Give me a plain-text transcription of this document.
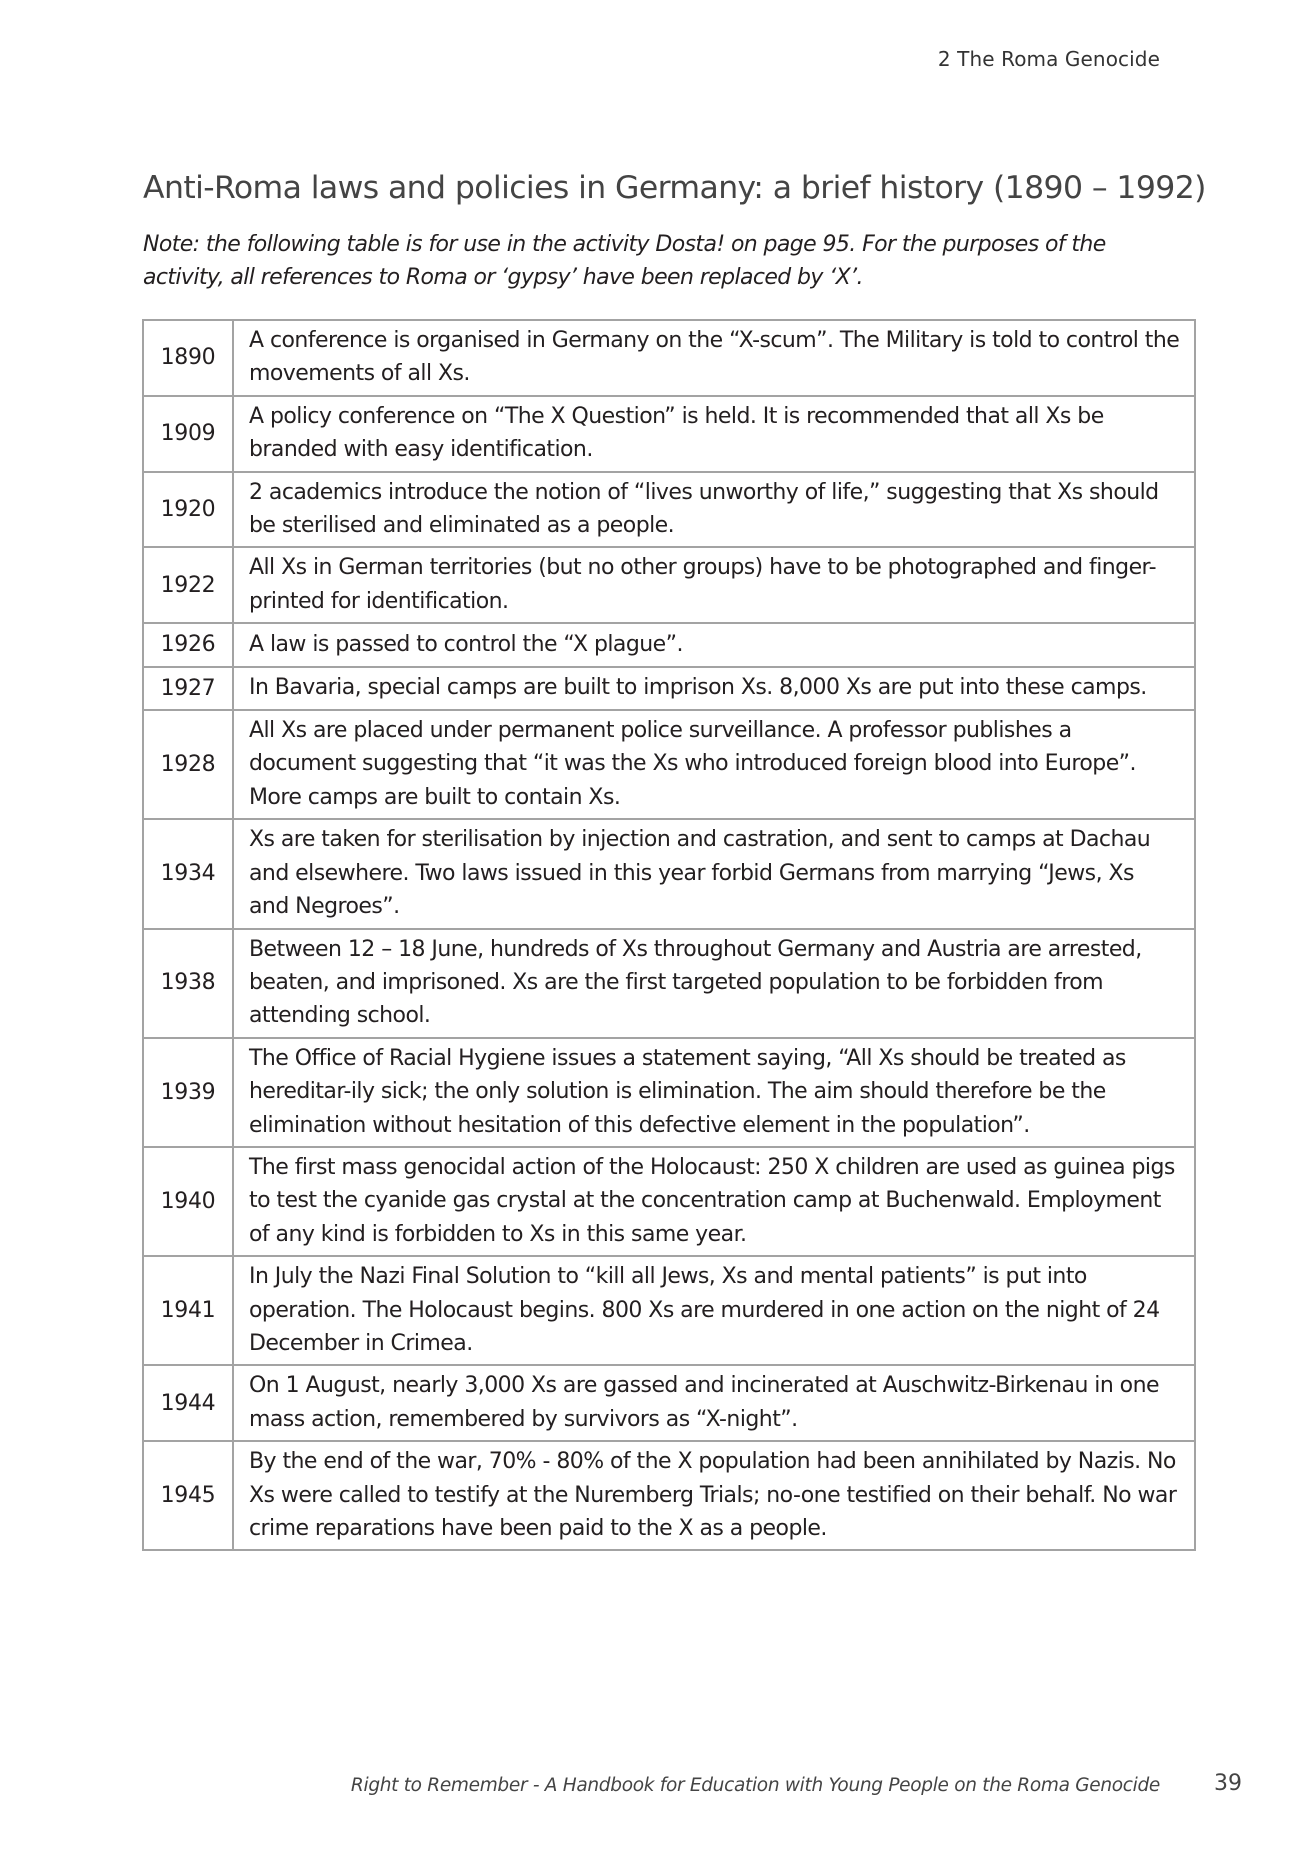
2 The Roma Genocide
Anti-Roma laws and policies in Germany: a brief history (1890 – 1992)

Note: the following table is for use in the activity Dosta! on page 95. For the purposes of the activity, all references to Roma or ‘gypsy’ have been replaced by ‘X’.

1890	A conference is organised in Germany on the “X-scum”. The Military is told to control the movements of all Xs.
1909	A policy conference on “The X Question” is held. It is recommended that all Xs be branded with easy identification.
1920	2 academics introduce the notion of “lives unworthy of life,” suggesting that Xs should be sterilised and eliminated as a people.
1922	All Xs in German territories (but no other groups) have to be photographed and finger-printed for identification.
1926	A law is passed to control the “X plague”.
1927	In Bavaria, special camps are built to imprison Xs. 8,000 Xs are put into these camps.
1928	All Xs are placed under permanent police surveillance. A professor publishes a document suggesting that “it was the Xs who introduced foreign blood into Europe”. More camps are built to contain Xs.
1934	Xs are taken for sterilisation by injection and castration, and sent to camps at Dachau and elsewhere. Two laws issued in this year forbid Germans from marrying “Jews, Xs and Negroes”.
1938	Between 12 – 18 June, hundreds of Xs throughout Germany and Austria are arrested, beaten, and imprisoned. Xs are the first targeted population to be forbidden from attending school.
1939	The Office of Racial Hygiene issues a statement saying, “All Xs should be treated as hereditar-ily sick; the only solution is elimination. The aim should therefore be the elimination without hesitation of this defective element in the population”.
1940	The first mass genocidal action of the Holocaust: 250 X children are used as guinea pigs to test the cyanide gas crystal at the concentration camp at Buchenwald. Employment of any kind is forbidden to Xs in this same year.
1941	In July the Nazi Final Solution to “kill all Jews, Xs and mental patients” is put into operation. The Holocaust begins. 800 Xs are murdered in one action on the night of 24 December in Crimea.
1944	On 1 August, nearly 3,000 Xs are gassed and incinerated at Auschwitz-Birkenau in one mass action, remembered by survivors as “X-night”.
1945	By the end of the war, 70% - 80% of the X population had been annihilated by Nazis. No Xs were called to testify at the Nuremberg Trials; no-one testified on their behalf. No war crime reparations have been paid to the X as a people.
Right to Remember - A Handbook for Education with Young People on the Roma Genocide 39
